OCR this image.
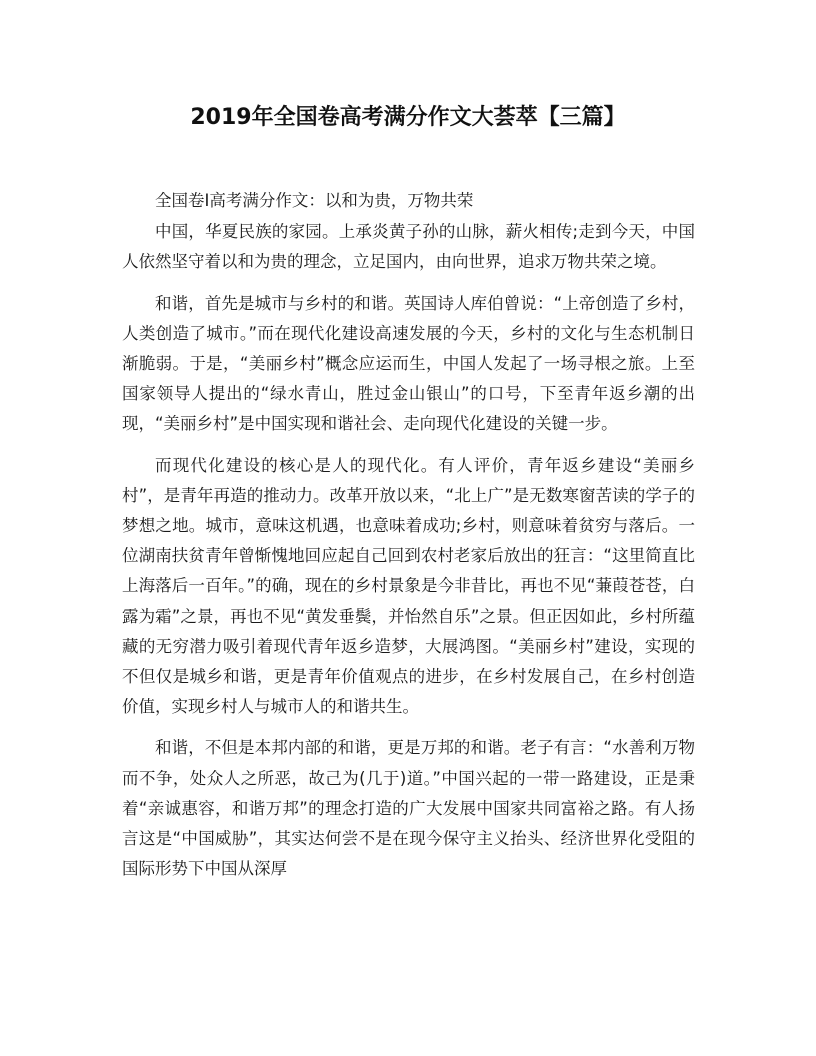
2019年全国卷高考满分作文大荟萃【三篇】

全国卷Ⅰ高考满分作文：以和为贵，万物共荣

中国，华夏民族的家园。上承炎黄子孙的山脉，薪火相传;走到今天，中国人依然坚守着以和为贵的理念，立足国内，由向世界，追求万物共荣之境。

和谐，首先是城市与乡村的和谐。英国诗人库伯曾说：“上帝创造了乡村，人类创造了城市。”而在现代化建设高速发展的今天，乡村的文化与生态机制日渐脆弱。于是，“美丽乡村”概念应运而生，中国人发起了一场寻根之旅。上至国家领导人提出的“绿水青山，胜过金山银山”的口号，下至青年返乡潮的出现，“美丽乡村”是中国实现和谐社会、走向现代化建设的关键一步。

而现代化建设的核心是人的现代化。有人评价，青年返乡建设“美丽乡村”，是青年再造的推动力。改革开放以来，“北上广”是无数寒窗苦读的学子的梦想之地。城市，意味这机遇，也意味着成功;乡村，则意味着贫穷与落后。一位湖南扶贫青年曾惭愧地回应起自己回到农村老家后放出的狂言：“这里简直比上海落后一百年。”的确，现在的乡村景象是今非昔比，再也不见“蒹葭苍苍，白露为霜”之景，再也不见“黄发垂鬓，并怡然自乐”之景。但正因如此，乡村所蕴藏的无穷潜力吸引着现代青年返乡造梦，大展鸿图。“美丽乡村”建设，实现的不但仅是城乡和谐，更是青年价值观点的进步，在乡村发展自己，在乡村创造价值，实现乡村人与城市人的和谐共生。

和谐，不但是本邦内部的和谐，更是万邦的和谐。老子有言：“水善利万物而不争，处众人之所恶，故己为(几于)道。”中国兴起的一带一路建设，正是秉着“亲诚惠容，和谐万邦”的理念打造的广大发展中国家共同富裕之路。有人扬言这是“中国威胁”，其实达何尝不是在现今保守主义抬头、经济世界化受阻的国际形势下中国从深厚
